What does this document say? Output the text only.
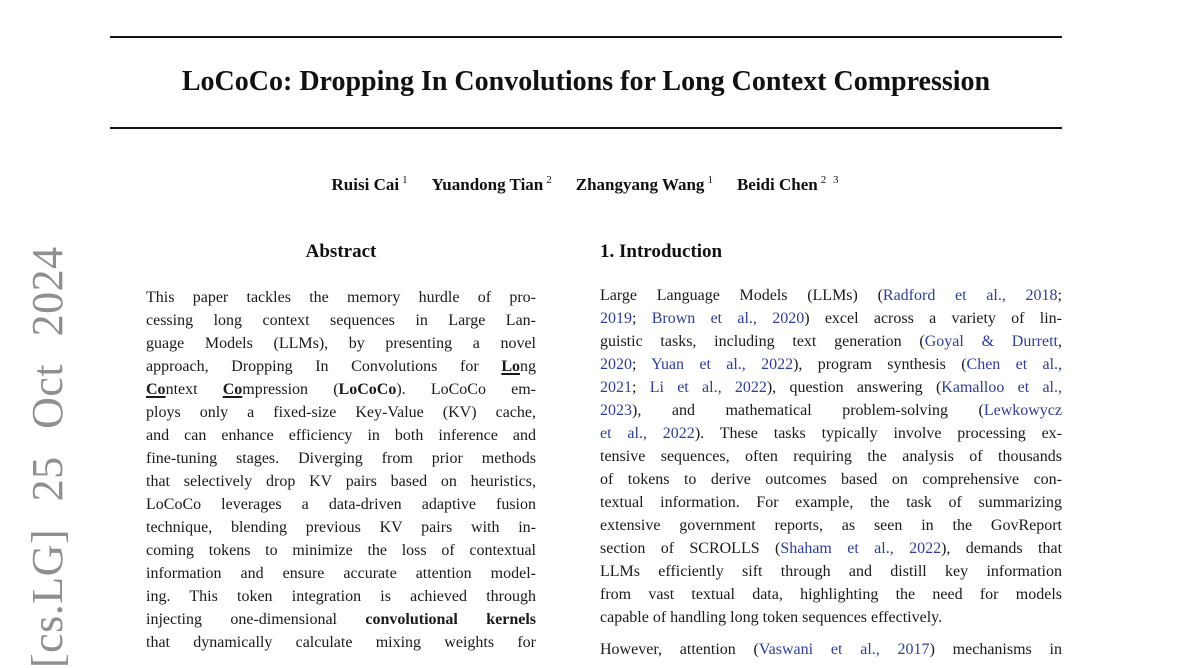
[cs.LG] 25 Oct 2024
LoCoCo: Dropping In Convolutions for Long Context Compression
Ruisi Cai $^1$ Yuandong Tian $^2$ Zhangyang Wang $^1$ Beidi Chen $^{2 3}$
Abstract
This paper tackles the memory hurdle of pro-
cessing long context sequences in Large Lan-
guage Models (LLMs), by presenting a novel
approach, Dropping In Convolutions for Long
Context Compression (LoCoCo). LoCoCo em-
ploys only a fixed-size Key-Value (KV) cache,
and can enhance efficiency in both inference and
fine-tuning stages. Diverging from prior methods
that selectively drop KV pairs based on heuristics,
LoCoCo leverages a data-driven adaptive fusion
technique, blending previous KV pairs with in-
coming tokens to minimize the loss of contextual
information and ensure accurate attention model-
ing. This token integration is achieved through
injecting one-dimensional convolutional kernels
that dynamically calculate mixing weights for
1. Introduction
Large Language Models (LLMs) (Radford et al., 2018;
2019; Brown et al., 2020) excel across a variety of lin-
guistic tasks, including text generation (Goyal & Durrett,
2020; Yuan et al., 2022), program synthesis (Chen et al.,
2021; Li et al., 2022), question answering (Kamalloo et al.,
2023), and mathematical problem-solving (Lewkowycz
et al., 2022). These tasks typically involve processing ex-
tensive sequences, often requiring the analysis of thousands
of tokens to derive outcomes based on comprehensive con-
textual information. For example, the task of summarizing
extensive government reports, as seen in the GovReport
section of SCROLLS (Shaham et al., 2022), demands that
LLMs efficiently sift through and distill key information
from vast textual data, highlighting the need for models
capable of handling long token sequences effectively.
However, attention (Vaswani et al., 2017) mechanisms in
